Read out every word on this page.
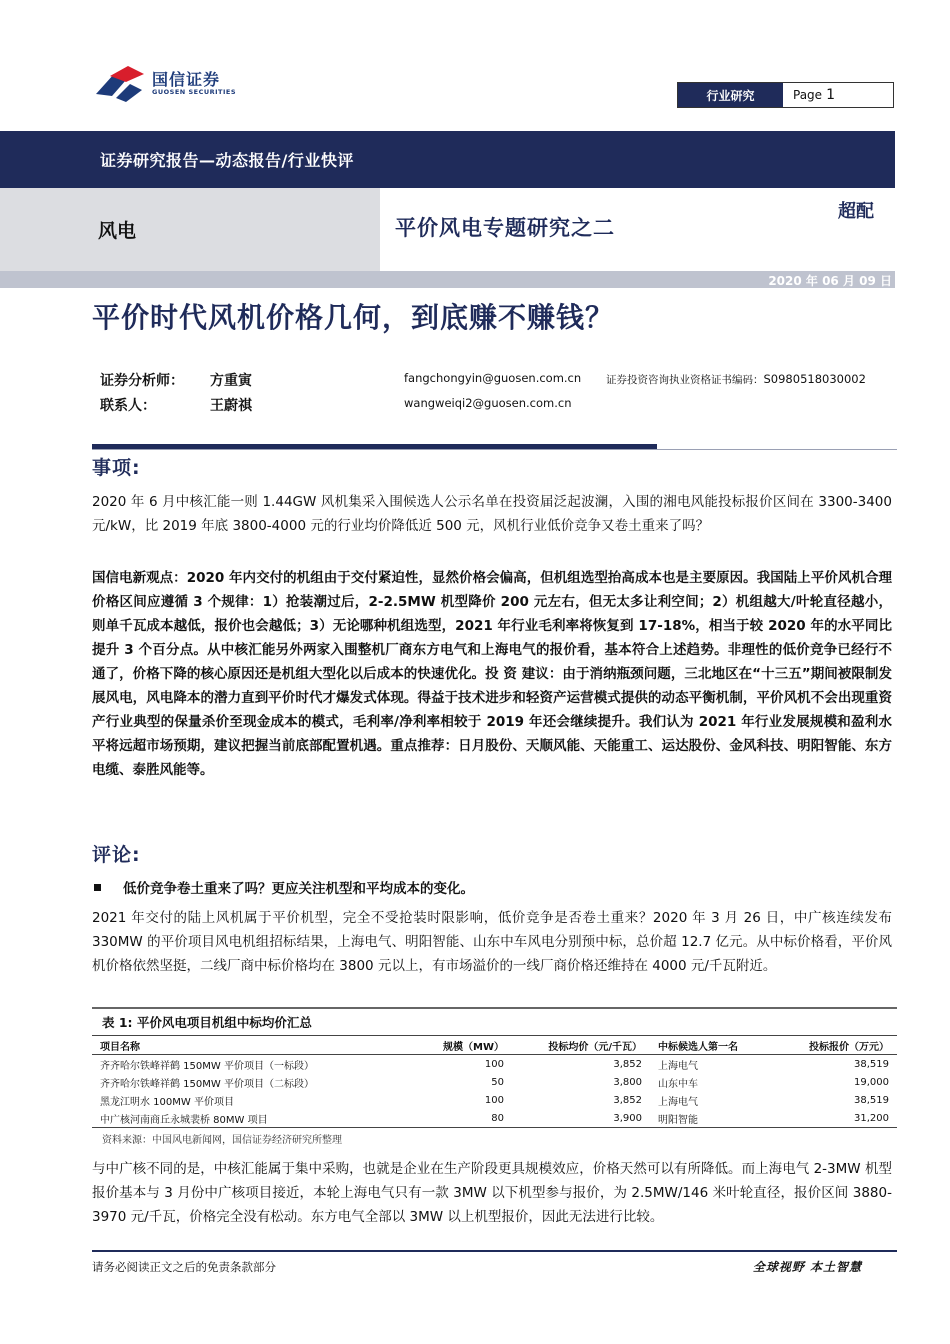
国信证券
GUOSEN SECURITIES	行业研究	Page 1
证券研究报告—动态报告/行业快评
风电	平价风电专题研究之二
超配
2020 年 06 月 09 日
平价时代风机价格几何，到底赚不赚钱？
证券分析师： 方重寅	fangchongyin@guosen.com.cn 证券投资咨询执业资格证书编码：S0980518030002
联系人：	王蔚祺	wangweiqi2@guosen.com.cn
事项:

2020 年 6 月中核汇能一则 1.44GW 风机集采入围候选人公示名单在投资届泛起波澜，入围的湘电风能投标报价区间在 3300-3400 元/kW，比 2019 年底 3800-4000 元的行业均价降低近 500 元，风机行业低价竞争又卷土重来了吗？

国信电新观点：2020 年内交付的机组由于交付紧迫性，显然价格会偏高，但机组选型抬高成本也是主要原因。我国陆上平价风机合理价格区间应遵循 3 个规律：1）抢装潮过后，2-2.5MW 机型降价 200 元左右，但无太多让利空间；2）机组越大/叶轮直径越小，则单千瓦成本越低，报价也会越低；3）无论哪种机组选型，2021 年行业毛利率将恢复到 17-18%，相当于较 2020 年的水平同比提升 3 个百分点。从中核汇能另外两家入围整机厂商东方电气和上海电气的报价看，基本符合上述趋势。非理性的低价竞争已经行不通了，价格下降的核心原因还是机组大型化以后成本的快速优化。投 资 建议：由于消纳瓶颈问题，三北地区在“十三五”期间被限制发展风电，风电降本的潜力直到平价时代才爆发式体现。得益于技术进步和轻资产运营模式提供的动态平衡机制，平价风机不会出现重资产行业典型的保量杀价至现金成本的模式，毛利率/净利率相较于 2019 年还会继续提升。我们认为 2021 年行业发展规模和盈利水平将远超市场预期，建议把握当前底部配置机遇。重点推荐：日月股份、天顺风能、天能重工、运达股份、金风科技、明阳智能、东方电缆、泰胜风能等。

评论:
低价竞争卷土重来了吗？更应关注机型和平均成本的变化。

2021 年交付的陆上风机属于平价机型，完全不受抢装时限影响，低价竞争是否卷土重来？2020 年 3 月 26 日，中广核连续发布 330MW 的平价项目风电机组招标结果，上海电气、明阳智能、山东中车风电分别预中标，总价超 12.7 亿元。从中标价格看，平价风机价格依然坚挺，二线厂商中标价格均在 3800 元以上，有市场溢价的一线厂商价格还维持在 4000 元/千瓦附近。

表 1: 平价风电项目机组中标均价汇总
项目名称	规模（MW）	投标均价（元/千瓦）	中标候选人第一名	投标报价（万元）
齐齐哈尔铁峰祥鹤 150MW 平价项目（一标段）	100	3,852	上海电气	38,519
齐齐哈尔铁峰祥鹤 150MW 平价项目（二标段）	50	3,800	山东中车	19,000
黑龙江明水 100MW 平价项目	100	3,852	上海电气	38,519
中广核河南商丘永城裴桥 80MW 项目	80	3,900	明阳智能	31,200
资料来源：中国风电新闻网，国信证券经济研究所整理

与中广核不同的是，中核汇能属于集中采购，也就是企业在生产阶段更具规模效应，价格天然可以有所降低。而上海电气 2-3MW 机型报价基本与 3 月份中广核项目接近，本轮上海电气只有一款 3MW 以下机型参与报价，为 2.5MW/146 米叶轮直径，报价区间 3880-3970 元/千瓦，价格完全没有松动。东方电气全部以 3MW 以上机型报价，因此无法进行比较。

请务必阅读正文之后的免责条款部分	全球视野 本土智慧
